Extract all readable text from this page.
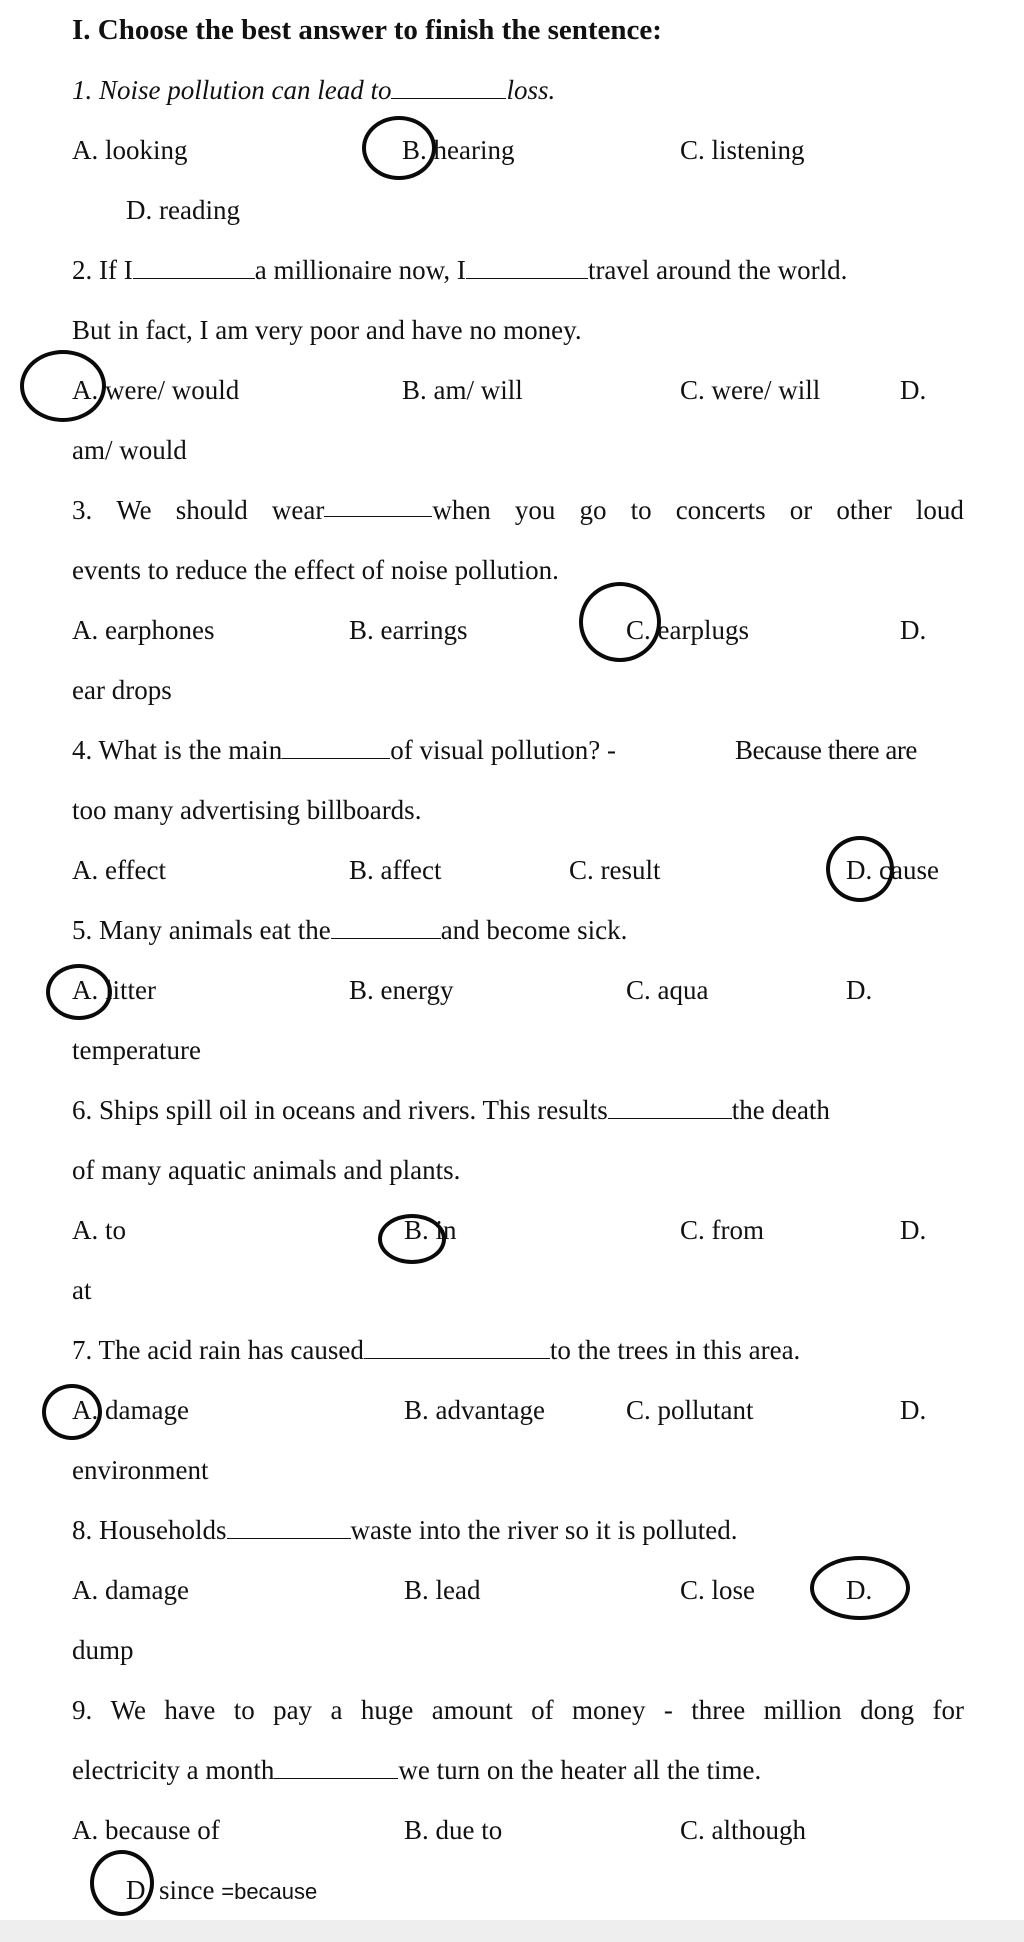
I. Choose the best answer to finish the sentence:
1. Noise pollution can lead to	loss.
A. looking	B. hearing	C. listening
D. reading
2. If I	a millionaire now, I	travel around the world.
But in fact, I am very poor and have no money.
A. were/ would	B. am/ will	C. were/ will	D.
am/ would
3. We should wear	when you go to concerts or other loud
events to reduce the effect of noise pollution.
A. earphones	B. earrings	C. earplugs	D.
ear drops
4. What is the main	of visual pollution? -	Because there are
too many advertising billboards.
A. effect	B. affect	C. result	D. cause
5. Many animals eat the	and become sick.
A. litter	B. energy	C. aqua	D.
temperature
6. Ships spill oil in oceans and rivers. This results	the death
of many aquatic animals and plants.
A. to	B. in	C. from	D.
at
7. The acid rain has caused	to the trees in this area.
A. damage	B. advantage	C. pollutant	D.
environment
8. Households	waste into the river so it is polluted.
A. damage	B. lead	C. lose	D.
dump
9. We have to pay a huge amount of money - three million dong for
electricity a month	we turn on the heater all the time.
A. because of	B. due to	C. although
D. since =because
